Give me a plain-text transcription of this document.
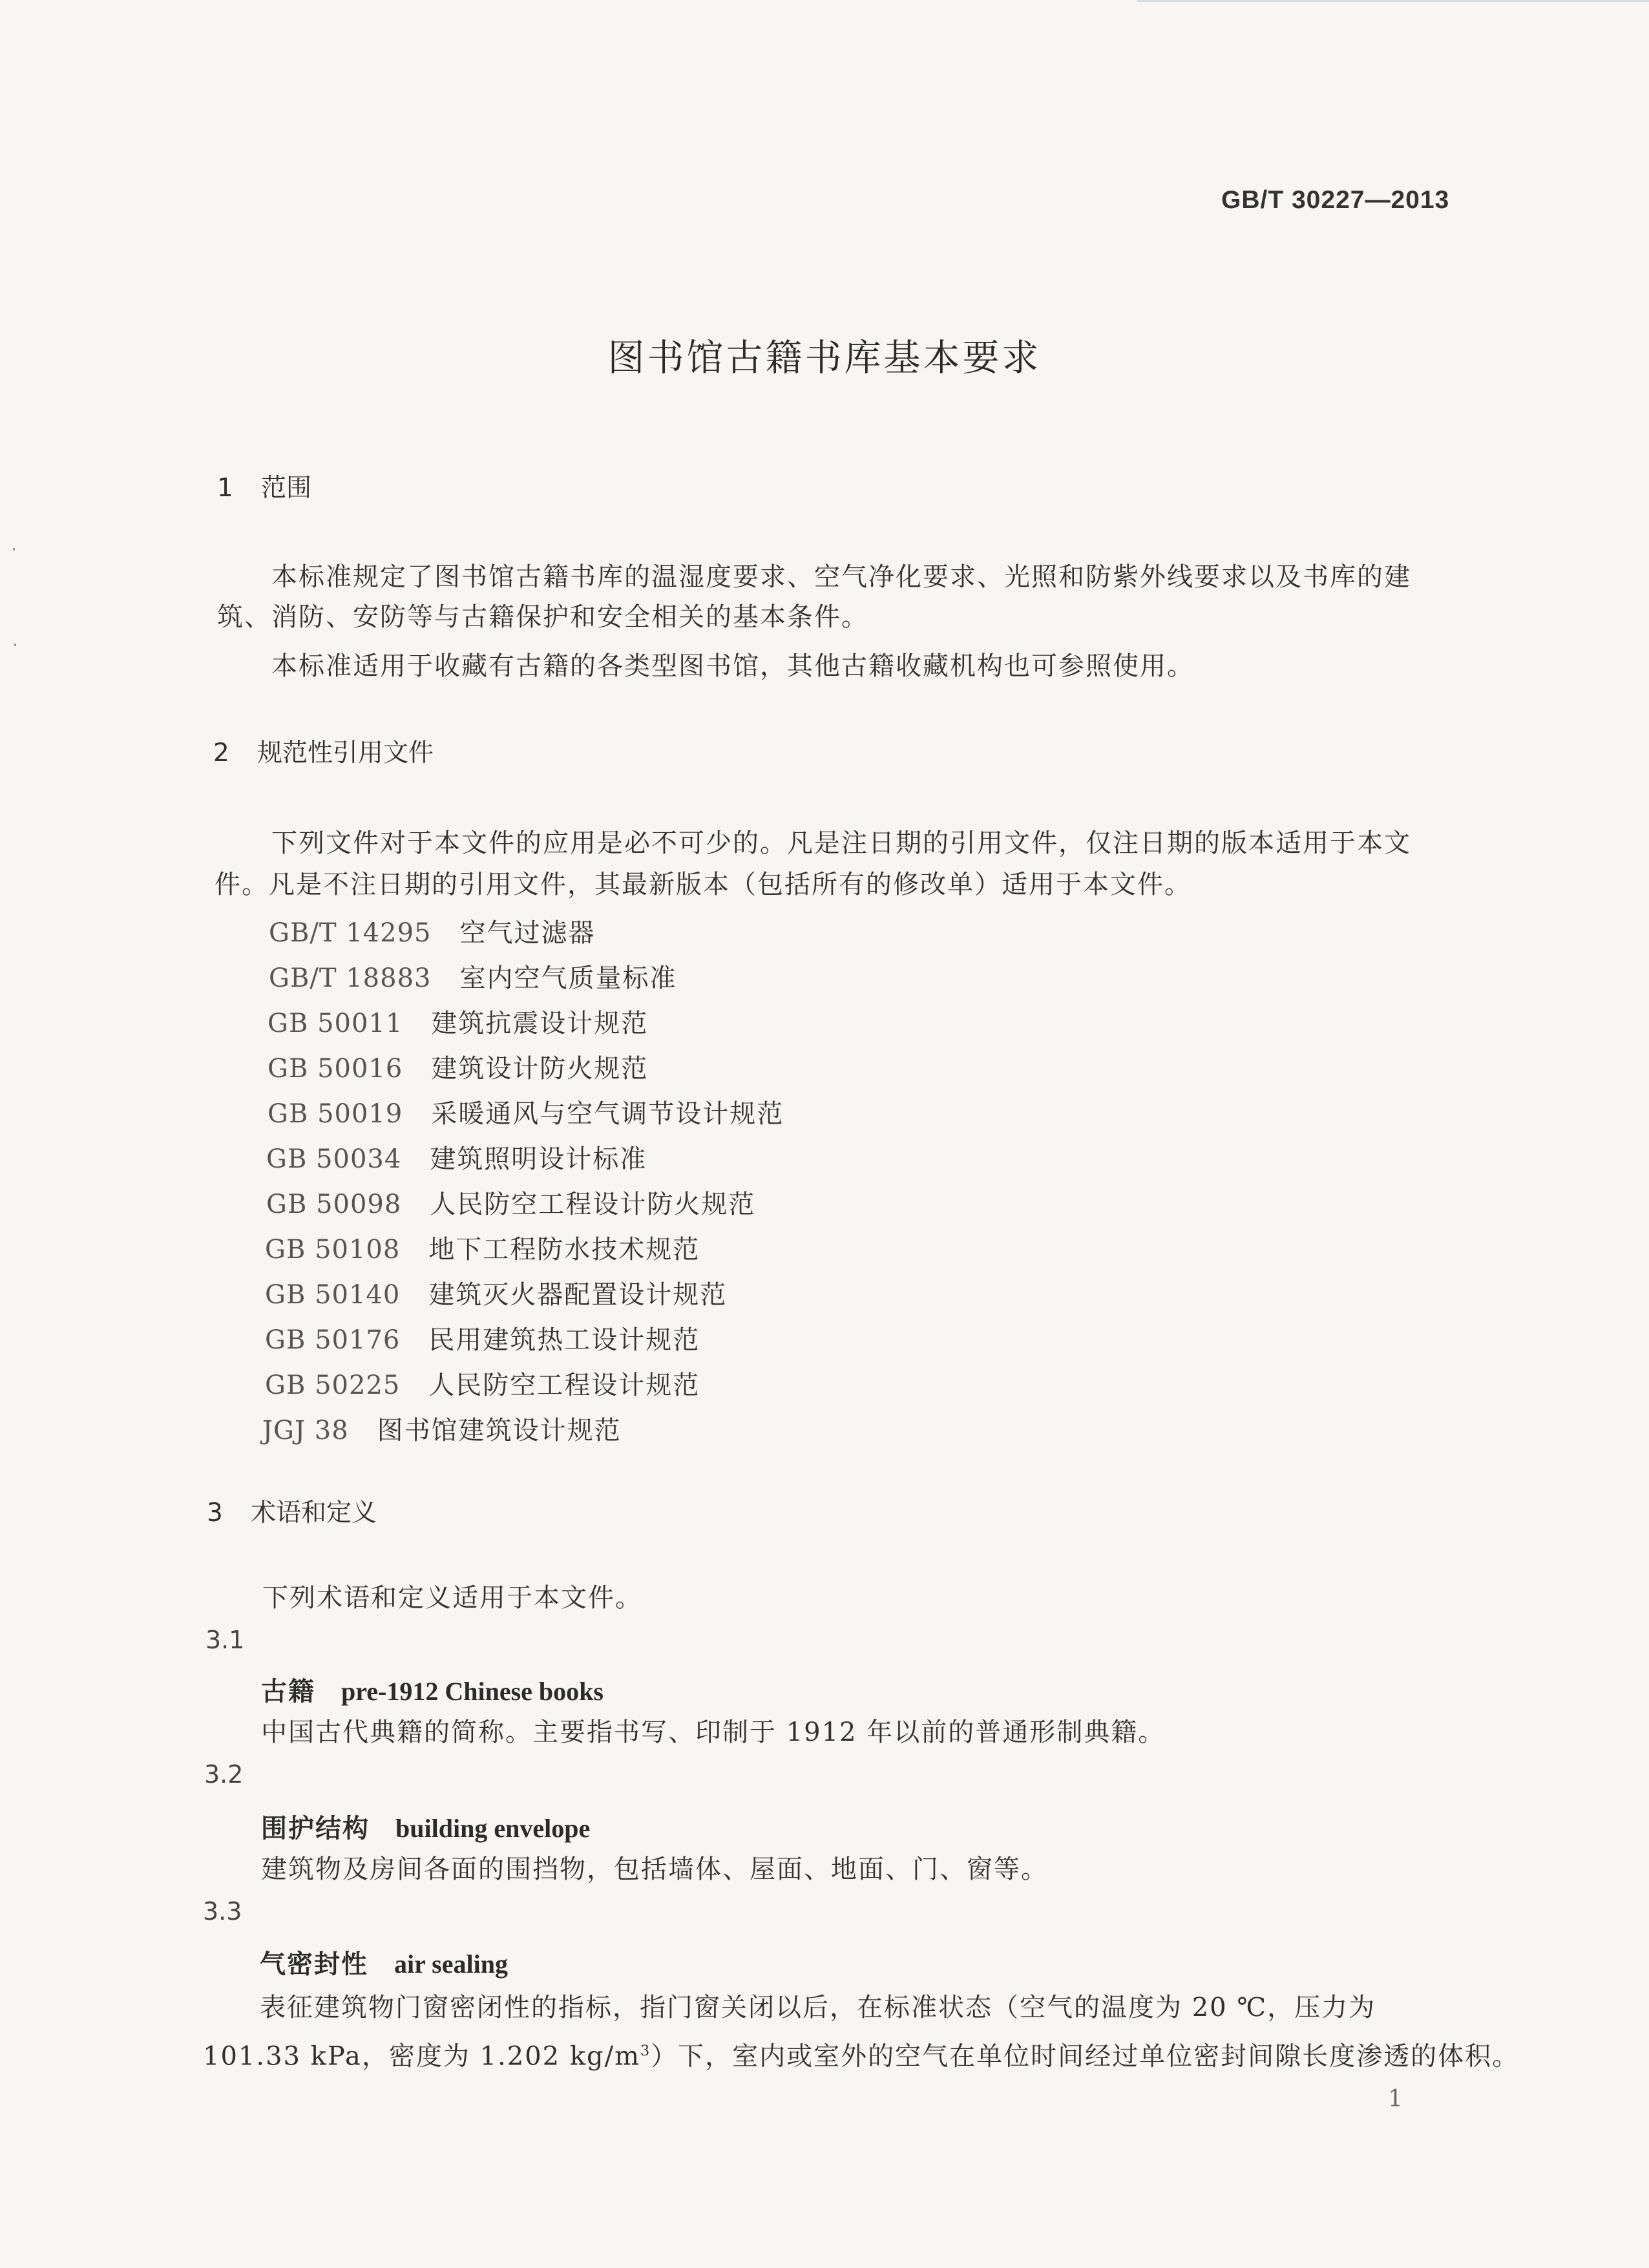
GB/T 30227—2013
图书馆古籍书库基本要求
1 范围
本标准规定了图书馆古籍书库的温湿度要求、空气净化要求、光照和防紫外线要求以及书库的建
筑、消防、安防等与古籍保护和安全相关的基本条件。
本标准适用于收藏有古籍的各类型图书馆，其他古籍收藏机构也可参照使用。
2 规范性引用文件
下列文件对于本文件的应用是必不可少的。凡是注日期的引用文件，仅注日期的版本适用于本文
件。凡是不注日期的引用文件，其最新版本（包括所有的修改单）适用于本文件。
GB/T 14295 空气过滤器
GB/T 18883 室内空气质量标准
GB 50011 建筑抗震设计规范
GB 50016 建筑设计防火规范
GB 50019 采暖通风与空气调节设计规范
GB 50034 建筑照明设计标准
GB 50098 人民防空工程设计防火规范
GB 50108 地下工程防水技术规范
GB 50140 建筑灭火器配置设计规范
GB 50176 民用建筑热工设计规范
GB 50225 人民防空工程设计规范
JGJ 38 图书馆建筑设计规范
3 术语和定义
下列术语和定义适用于本文件。
3.1
古籍 pre-1912 Chinese books
中国古代典籍的简称。主要指书写、印制于 1912 年以前的普通形制典籍。
3.2
围护结构 building envelope
建筑物及房间各面的围挡物，包括墙体、屋面、地面、门、窗等。
3.3
气密封性 air sealing
表征建筑物门窗密闭性的指标，指门窗关闭以后，在标准状态（空气的温度为 20 ℃，压力为
101.33 kPa，密度为 1.202 $kg/m^3$）下，室内或室外的空气在单位时间经过单位密封间隙长度渗透的体积。
1
